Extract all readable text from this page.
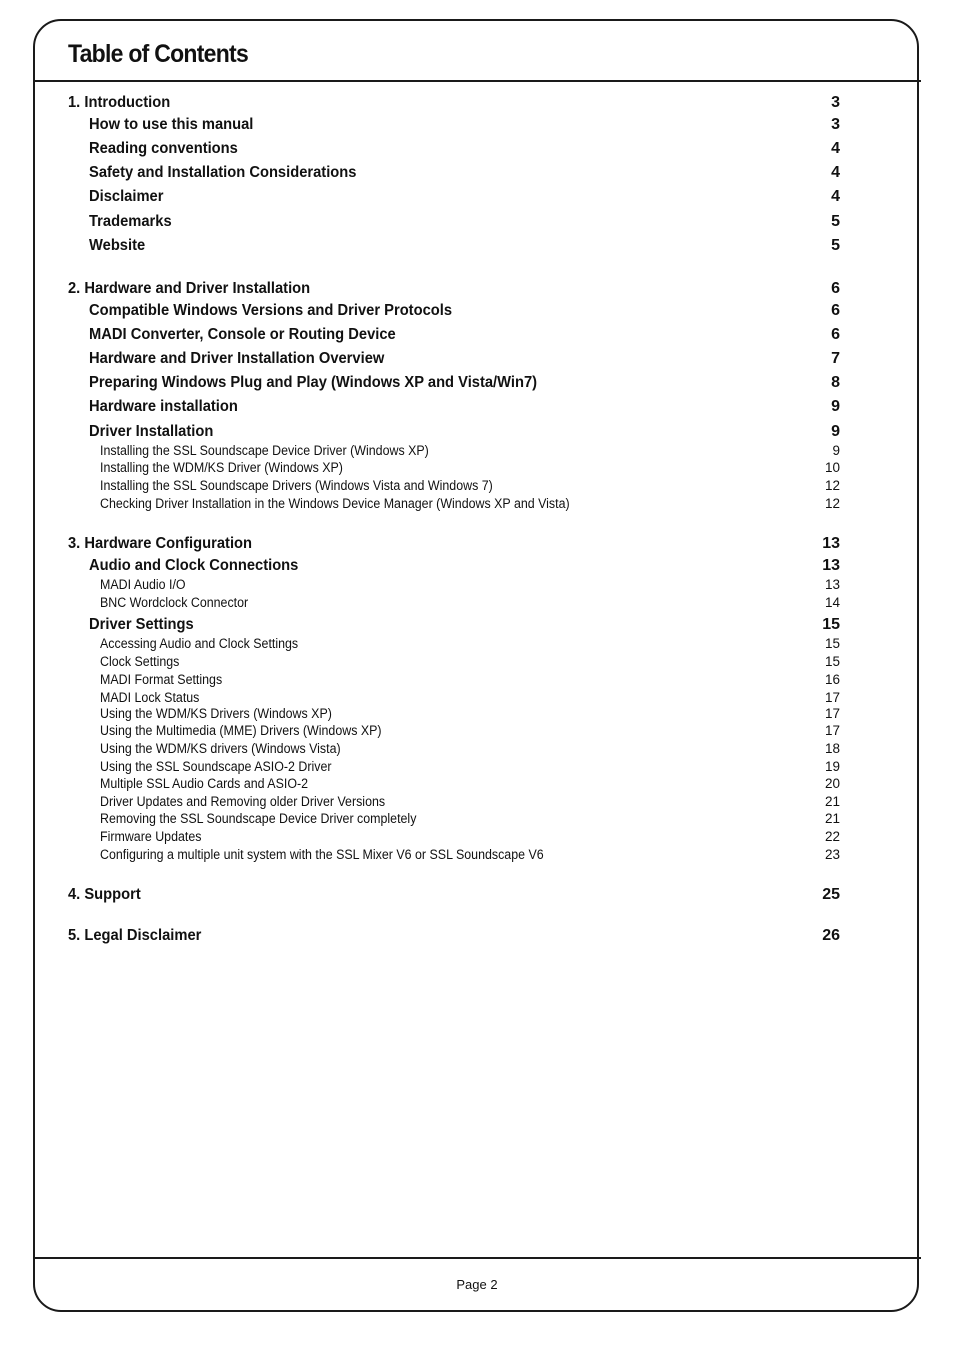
Table of Contents
1. Introduction	3
How to use this manual	3
Reading conventions	4
Safety and Installation Considerations	4
Disclaimer	4
Trademarks	5
Website	5
2. Hardware and Driver Installation	6
Compatible Windows Versions and Driver Protocols	6
MADI Converter, Console or Routing Device	6
Hardware and Driver Installation Overview	7
Preparing Windows Plug and Play (Windows XP and Vista/Win7)	8
Hardware installation	9
Driver Installation	9
Installing the SSL Soundscape Device Driver (Windows XP)	9
Installing the WDM/KS Driver (Windows XP)	10
Installing the SSL Soundscape Drivers (Windows Vista and Windows 7)	12
Checking Driver Installation in the Windows Device Manager (Windows XP and Vista)	12
3. Hardware Configuration	13
Audio and Clock Connections	13
MADI Audio I/O	13
BNC Wordclock Connector	14
Driver Settings	15
Accessing Audio and Clock Settings	15
Clock Settings	15
MADI Format Settings	16
MADI Lock Status	17
Using the WDM/KS Drivers (Windows XP)	17
Using the Multimedia (MME) Drivers (Windows XP)	17
Using the WDM/KS drivers (Windows Vista)	18
Using the SSL Soundscape ASIO-2 Driver	19
Multiple SSL Audio Cards and ASIO-2	20
Driver Updates and Removing older Driver Versions	21
Removing the SSL Soundscape Device Driver completely	21
Firmware Updates	22
Configuring a multiple unit system with the SSL Mixer V6 or SSL Soundscape V6	23
4. Support	25
5. Legal Disclaimer	26
Page 2
